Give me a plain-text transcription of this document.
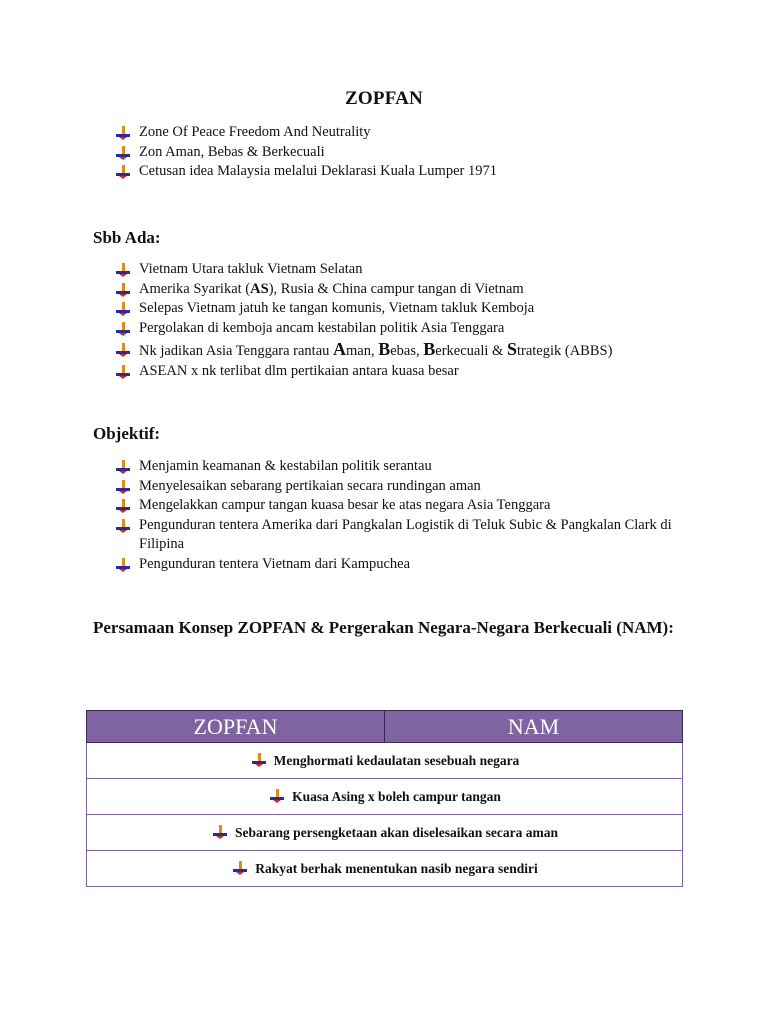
ZOPFAN
Zone Of Peace Freedom And Neutrality
Zon Aman, Bebas & Berkecuali
Cetusan idea Malaysia melalui Deklarasi Kuala Lumper 1971
Sbb Ada:
Vietnam Utara takluk Vietnam Selatan
Amerika Syarikat (AS), Rusia & China campur tangan di Vietnam
Selepas Vietnam jatuh ke tangan komunis, Vietnam takluk Kemboja
Pergolakan di kemboja ancam kestabilan politik Asia Tenggara
Nk jadikan Asia Tenggara rantau Aman, Bebas, Berkecuali & Strategik (ABBS)
ASEAN x nk terlibat dlm pertikaian antara kuasa besar
Objektif:
Menjamin keamanan & kestabilan politik serantau
Menyelesaikan sebarang pertikaian secara rundingan aman
Mengelakkan campur tangan kuasa besar ke atas negara Asia Tenggara
Pengunduran tentera Amerika dari Pangkalan Logistik di Teluk Subic & Pangkalan Clark di Filipina
Pengunduran tentera Vietnam dari Kampuchea
Persamaan Konsep ZOPFAN & Pergerakan Negara-Negara Berkecuali (NAM):
ZOPFAN	NAM

Menghormati kedaulatan sesebuah negara

Kuasa Asing x boleh campur tangan

Sebarang persengketaan akan diselesaikan secara aman

Rakyat berhak menentukan nasib negara sendiri
